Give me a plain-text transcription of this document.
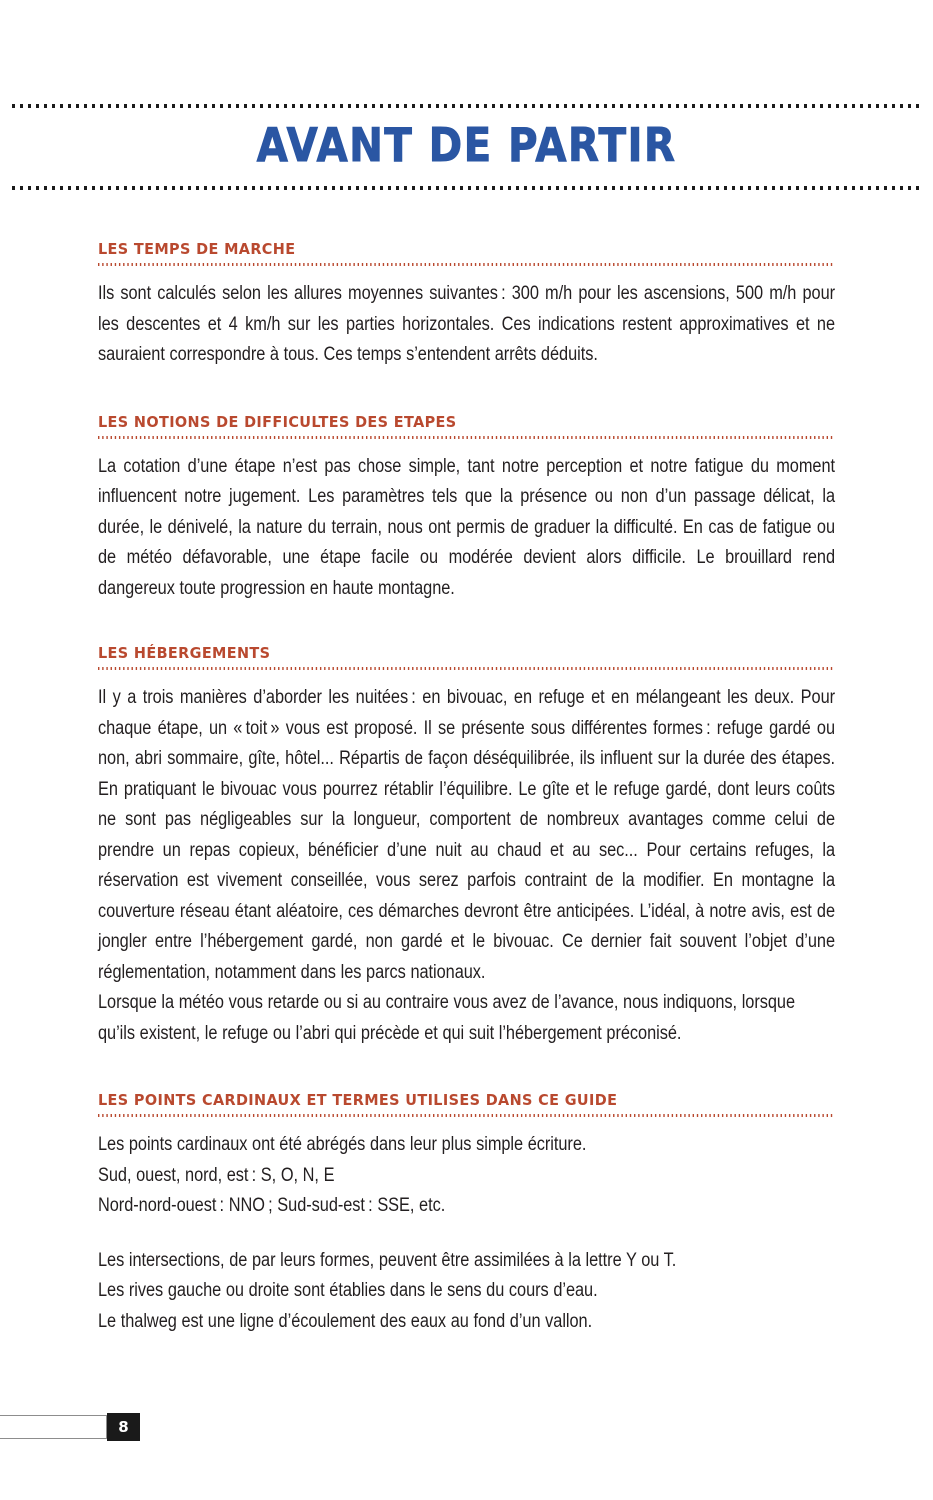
AVANT DE PARTIR
LES TEMPS DE MARCHE

Ils sont calculés selon les allures moyennes suivantes : 300 m/h pour les ascensions, 500 m/h pour les descentes et 4 km/h sur les parties horizontales. Ces indications restent approximatives et ne sauraient correspondre à tous. Ces temps s’entendent arrêts déduits.

LES NOTIONS DE DIFFICULTES DES ETAPES

La cotation d’une étape n’est pas chose simple, tant notre perception et notre fatigue du moment influencent notre jugement. Les paramètres tels que la présence ou non d’un passage délicat, la durée, le dénivelé, la nature du terrain, nous ont permis de graduer la difficulté. En cas de fatigue ou de météo défavorable, une étape facile ou modérée devient alors difficile. Le brouillard rend dangereux toute progression en haute montagne.

LES HÉBERGEMENTS

Il y a trois manières d’aborder les nuitées : en bivouac, en refuge et en mélangeant les deux. Pour chaque étape, un « toit » vous est proposé. Il se présente sous différentes formes : refuge gardé ou non, abri sommaire, gîte, hôtel... Répartis de façon déséquilibrée, ils influent sur la durée des étapes. En pratiquant le bivouac vous pourrez rétablir l’équilibre. Le gîte et le refuge gardé, dont leurs coûts ne sont pas négligeables sur la longueur, comportent de nombreux avantages comme celui de prendre un repas copieux, bénéficier d’une nuit au chaud et au sec... Pour certains refuges, la réservation est vivement conseillée, vous serez parfois contraint de la modifier. En montagne la couverture réseau étant aléatoire, ces démarches devront être anticipées. L’idéal, à notre avis, est de jongler entre l’hébergement gardé, non gardé et le bivouac. Ce dernier fait souvent l’objet d’une réglementation, notamment dans les parcs nationaux.

Lorsque la météo vous retarde ou si au contraire vous avez de l’avance, nous indiquons, lorsque qu’ils existent, le refuge ou l’abri qui précède et qui suit l’hébergement préconisé.

LES POINTS CARDINAUX ET TERMES UTILISES DANS CE GUIDE

Les points cardinaux ont été abrégés dans leur plus simple écriture.

Sud, ouest, nord, est : S, O, N, E

Nord-nord-ouest : NNO ; Sud-sud-est : SSE, etc.

Les intersections, de par leurs formes, peuvent être assimilées à la lettre Y ou T.

Les rives gauche ou droite sont établies dans le sens du cours d’eau.

Le thalweg est une ligne d’écoulement des eaux au fond d’un vallon.

8
